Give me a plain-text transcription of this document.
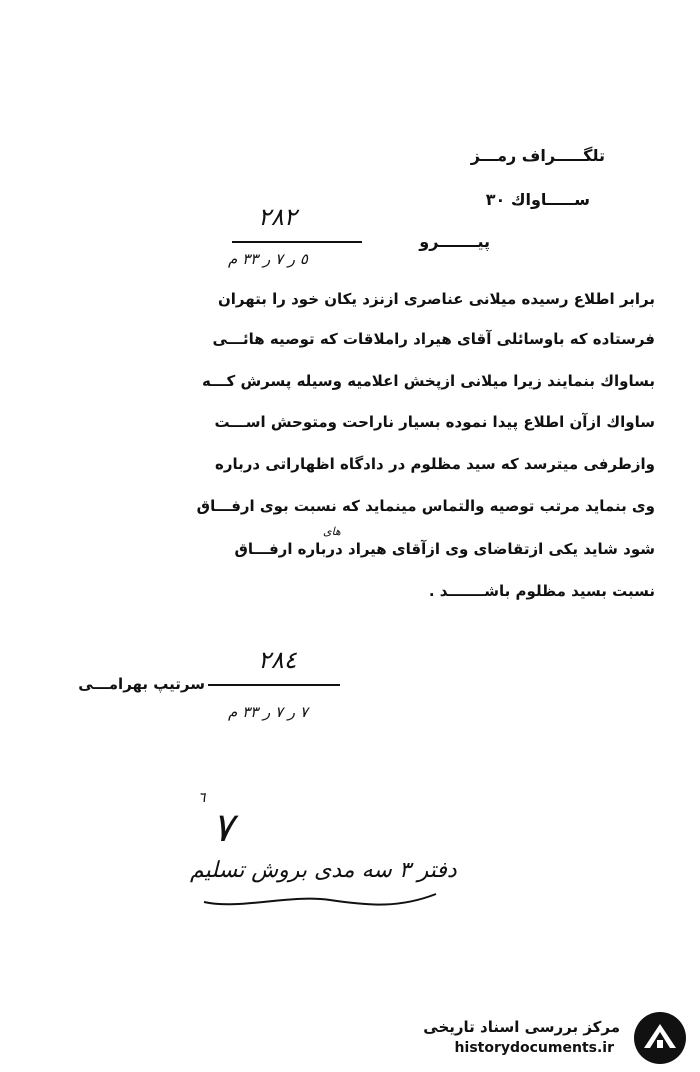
تلگـــــراف رمـــز
ســـــاواك ٣٠
٢٨٢
پیـــــــرو
٥ ر ٧ ر ٣٣ م
برابر اطلاع رسیده میلانی عناصری ازنزد یکان خود را بتهران
فرستاده که باوسائلی آقای هیراد راملاقات که توصیه هائـــی
بساواك بنمایند زیرا میلانی ازپخش اعلامیه وسیله پسرش کـــه
ساواك ازآن اطلاع پیدا نموده بسیار ناراحت ومتوحش اســـت
وازطرفی میترسد که سید مظلوم در دادگاه اظهاراتی درباره
وی بنماید مرتب توصیه والتماس مینماید که نسبت بوی ارفـــاق
های
شود شاید یکی ازتقاضای وی ازآقای هیراد درباره ارفـــاق
نسبت بسید مظلوم باشـــــــد .
٢٨٤
سرتیپ بهرامـــی
٧ ر ٧ ر ٣٣ م
٦
٧
دفتر ٣ سه مدی بروش تسلیم
مرکز بررسی اسناد تاریخی
historydocuments.ir
